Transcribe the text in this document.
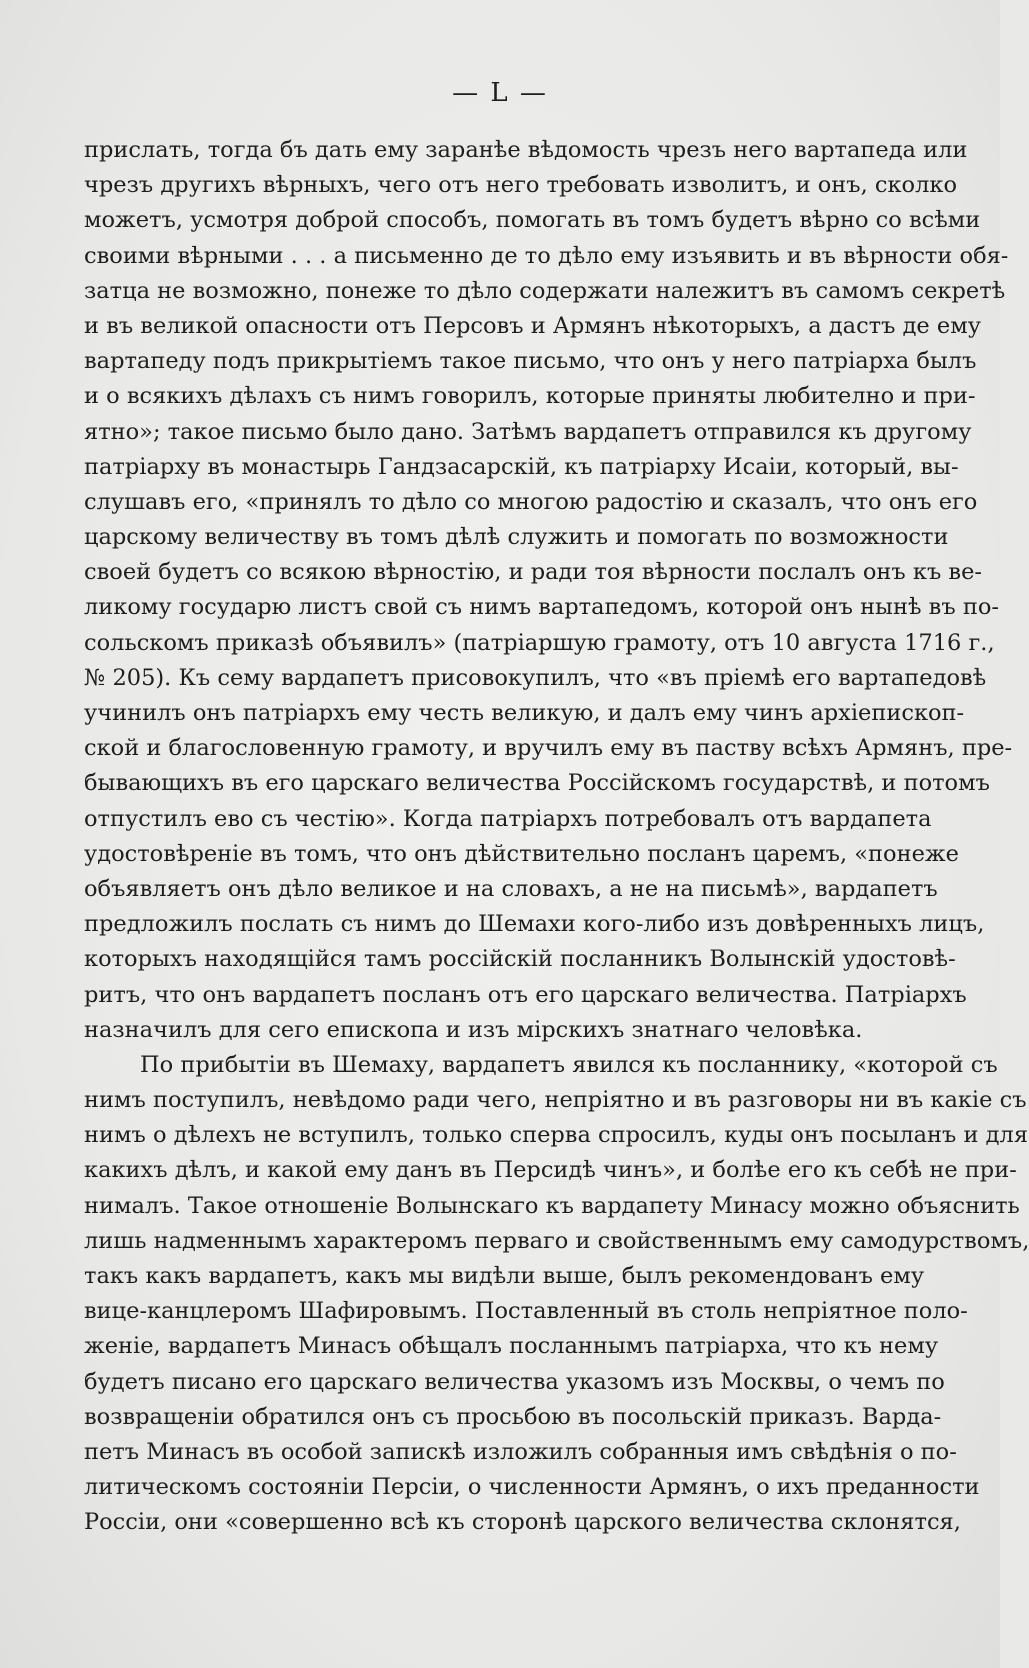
— L —
прислать, тогда бъ дать ему заранѣе вѣдомость чрезъ него вартапеда или
чрезъ другихъ вѣрныхъ, чего отъ него требовать изволитъ, и онъ, сколко
можетъ, усмотря доброй способъ, помогать въ томъ будетъ вѣрно со всѣми
своими вѣрными . . . а письменно де то дѣло ему изъявить и въ вѣрности обя-
затца не возможно, понеже то дѣло содержати належитъ въ самомъ секретѣ
и въ великой опасности отъ Персовъ и Армянъ нѣкоторыхъ, а дастъ де ему
вартапеду подъ прикрытіемъ такое письмо, что онъ у него патріарха былъ
и о всякихъ дѣлахъ съ нимъ говорилъ, которые приняты любително и при-
ятно»; такое письмо было дано. Затѣмъ вардапетъ отправился къ другому
патріарху въ монастырь Гандзасарскій, къ патріарху Исаіи, который, вы-
слушавъ его, «принялъ то дѣло со многою радостію и сказалъ, что онъ его
царскому величеству въ томъ дѣлѣ служить и помогать по возможности
своей будетъ со всякою вѣрностію, и ради тоя вѣрности послалъ онъ къ ве-
ликому государю листъ свой съ нимъ вартапедомъ, которой онъ нынѣ въ по-
сольскомъ приказѣ объявилъ» (патріаршую грамоту, отъ 10 августа 1716 г.,
№ 205). Къ сему вардапетъ присовокупилъ, что «въ пріемѣ его вартапедовѣ
учинилъ онъ патріархъ ему честь великую, и далъ ему чинъ архіепископ-
ской и благословенную грамоту, и вручилъ ему въ паству всѣхъ Армянъ, пре-
бывающихъ въ его царскаго величества Россійскомъ государствѣ, и потомъ
отпустилъ ево съ честію». Когда патріархъ потребовалъ отъ вардапета
удостовѣреніе въ томъ, что онъ дѣйствительно посланъ царемъ, «понеже
объявляетъ онъ дѣло великое и на словахъ, а не на письмѣ», вардапетъ
предложилъ послать съ нимъ до Шемахи кого-либо изъ довѣренныхъ лицъ,
которыхъ находящійся тамъ россійскій посланникъ Волынскій удостовѣ-
ритъ, что онъ вардапетъ посланъ отъ его царскаго величества. Патріархъ
назначилъ для сего епископа и изъ мірскихъ знатнаго человѣка.
По прибытіи въ Шемаху, вардапетъ явился къ посланнику, «которой съ
нимъ поступилъ, невѣдомо ради чего, непріятно и въ разговоры ни въ какіе съ
нимъ о дѣлехъ не вступилъ, только сперва спросилъ, куды онъ посыланъ и для
какихъ дѣлъ, и какой ему данъ въ Персидѣ чинъ», и болѣе его къ себѣ не при-
нималъ. Такое отношеніе Волынскаго къ вардапету Минасу можно объяснить
лишь надменнымъ характеромъ перваго и свойственнымъ ему самодурствомъ,
такъ какъ вардапетъ, какъ мы видѣли выше, былъ рекомендованъ ему
вице-канцлеромъ Шафировымъ. Поставленный въ столь непріятное поло-
женіе, вардапетъ Минасъ обѣщалъ посланнымъ патріарха, что къ нему
будетъ писано его царскаго величества указомъ изъ Москвы, о чемъ по
возвращеніи обратился онъ съ просьбою въ посольскій приказъ. Варда-
петъ Минасъ въ особой запискѣ изложилъ собранныя имъ свѣдѣнія о по-
литическомъ состояніи Персіи, о численности Армянъ, о ихъ преданности
Россіи, они «совершенно всѣ къ сторонѣ царского величества склонятся,
